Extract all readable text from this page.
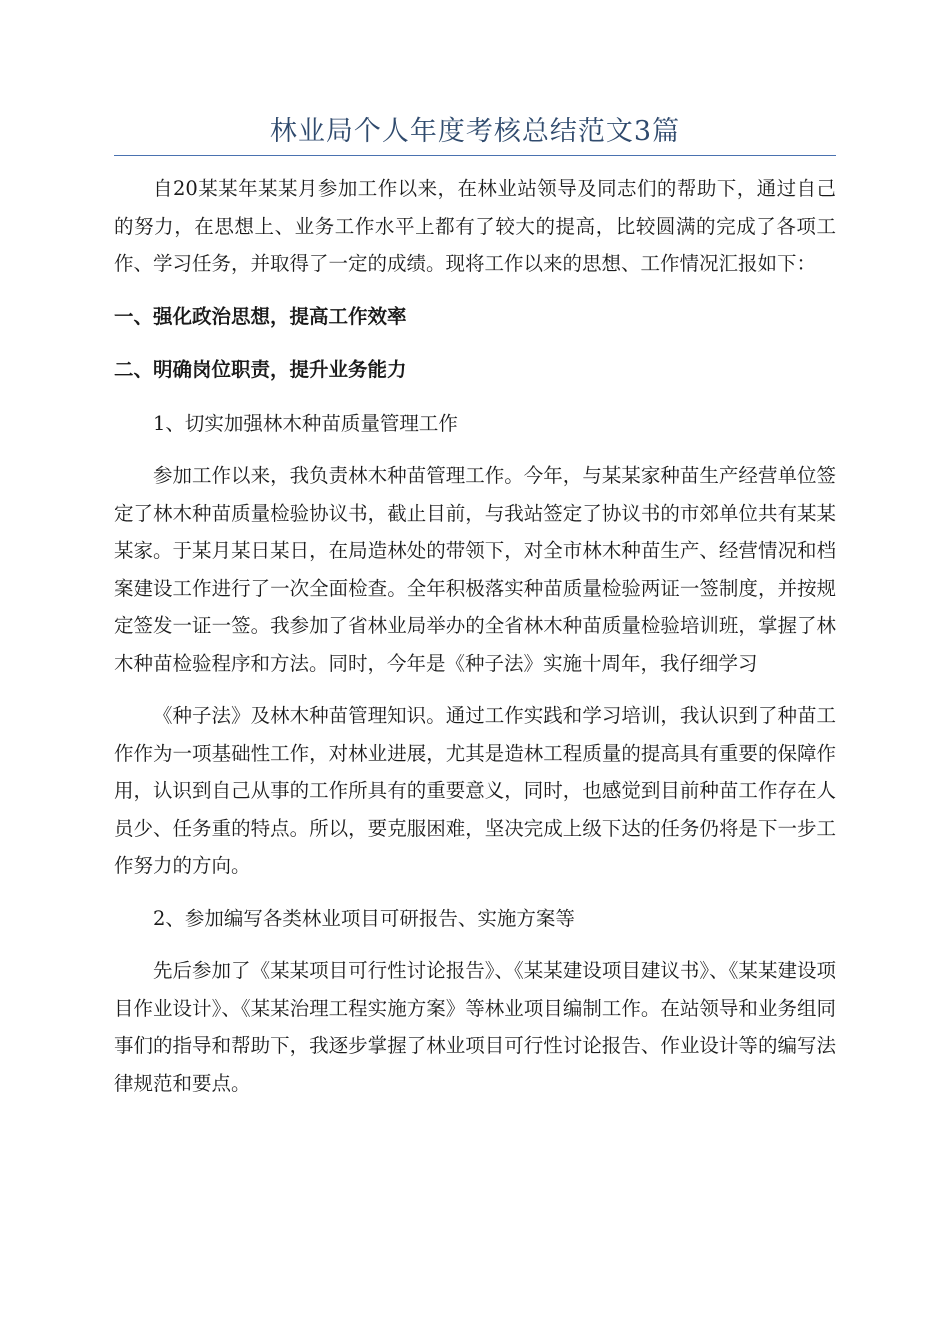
林业局个人年度考核总结范文3篇

自20某某年某某月参加工作以来，在林业站领导及同志们的帮助下，通过自己的努力，在思想上、业务工作水平上都有了较大的提高，比较圆满的完成了各项工作、学习任务，并取得了一定的成绩。现将工作以来的思想、工作情况汇报如下：

一、强化政治思想，提高工作效率

二、明确岗位职责，提升业务能力

1、切实加强林木种苗质量管理工作

参加工作以来，我负责林木种苗管理工作。今年，与某某家种苗生产经营单位签定了林木种苗质量检验协议书，截止目前，与我站签定了协议书的市郊单位共有某某某家。于某月某日某日，在局造林处的带领下，对全市林木种苗生产、经营情况和档案建设工作进行了一次全面检查。全年积极落实种苗质量检验两证一签制度，并按规定签发一证一签。我参加了省林业局举办的全省林木种苗质量检验培训班，掌握了林木种苗检验程序和方法。同时，今年是《种子法》实施十周年，我仔细学习

《种子法》及林木种苗管理知识。通过工作实践和学习培训，我认识到了种苗工作作为一项基础性工作，对林业进展，尤其是造林工程质量的提高具有重要的保障作用，认识到自己从事的工作所具有的重要意义，同时，也感觉到目前种苗工作存在人员少、任务重的特点。所以，要克服困难，坚决完成上级下达的任务仍将是下一步工作努力的方向。

2、参加编写各类林业项目可研报告、实施方案等

先后参加了《某某项目可行性讨论报告》、《某某建设项目建议书》、《某某建设项目作业设计》、《某某治理工程实施方案》等林业项目编制工作。在站领导和业务组同事们的指导和帮助下，我逐步掌握了林业项目可行性讨论报告、作业设计等的编写法律规范和要点。
